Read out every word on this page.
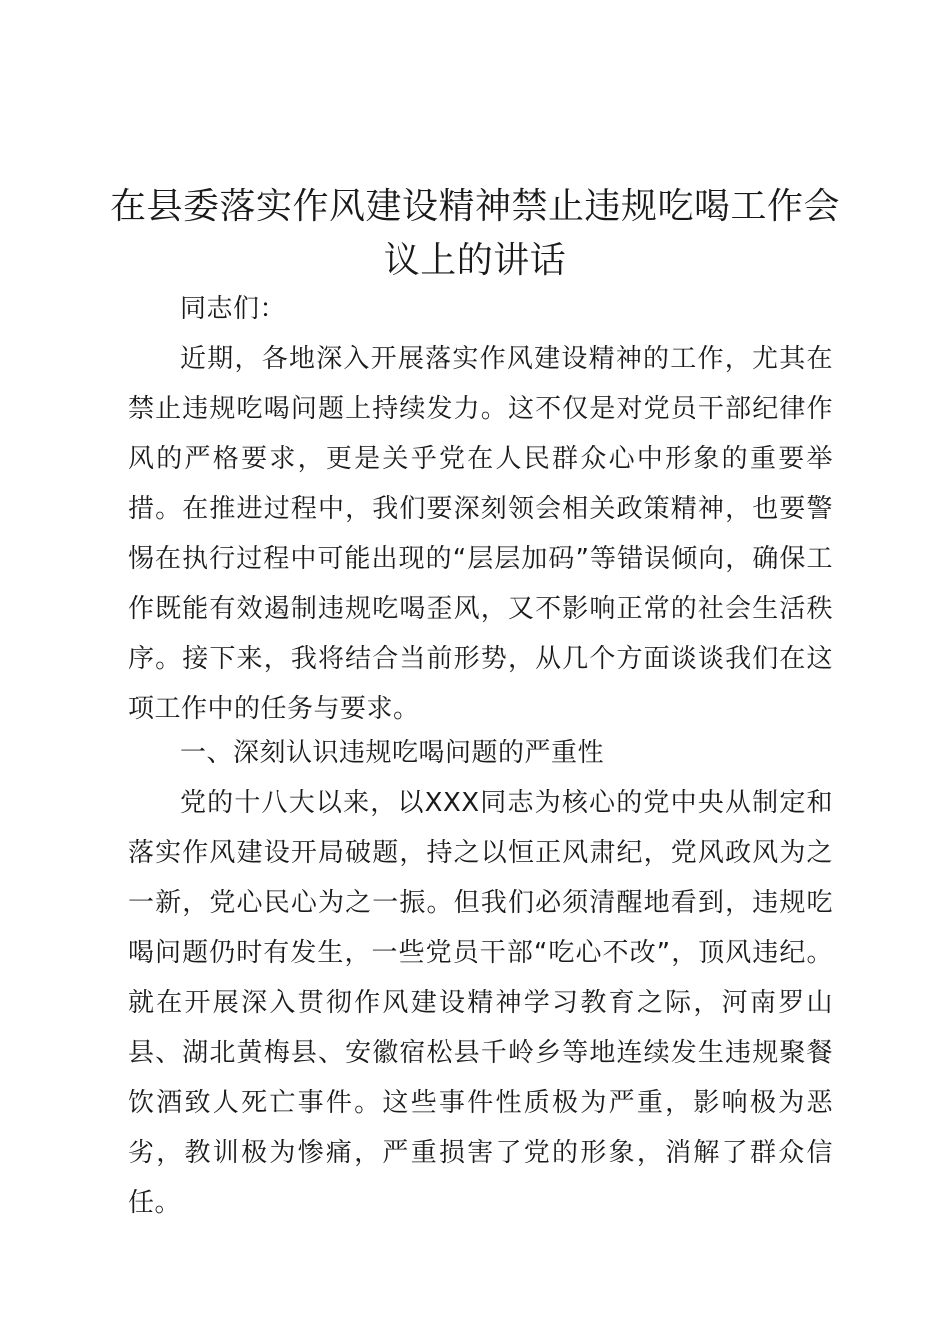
在县委落实作风建设精神禁止违规吃喝工作会议上的讲话
同志们：
近期，各地深入开展落实作风建设精神的工作，尤其在禁止违规吃喝问题上持续发力。这不仅是对党员干部纪律作风的严格要求，更是关乎党在人民群众心中形象的重要举措。在推进过程中，我们要深刻领会相关政策精神，也要警惕在执行过程中可能出现的“层层加码”等错误倾向，确保工作既能有效遏制违规吃喝歪风，又不影响正常的社会生活秩序。接下来，我将结合当前形势，从几个方面谈谈我们在这项工作中的任务与要求。
一、深刻认识违规吃喝问题的严重性
党的十八大以来，以XXX同志为核心的党中央从制定和落实作风建设开局破题，持之以恒正风肃纪，党风政风为之一新，党心民心为之一振。但我们必须清醒地看到，违规吃喝问题仍时有发生，一些党员干部“吃心不改”，顶风违纪。就在开展深入贯彻作风建设精神学习教育之际，河南罗山县、湖北黄梅县、安徽宿松县千岭乡等地连续发生违规聚餐饮酒致人死亡事件。这些事件性质极为严重，影响极为恶劣，教训极为惨痛，严重损害了党的形象，消解了群众信任。
